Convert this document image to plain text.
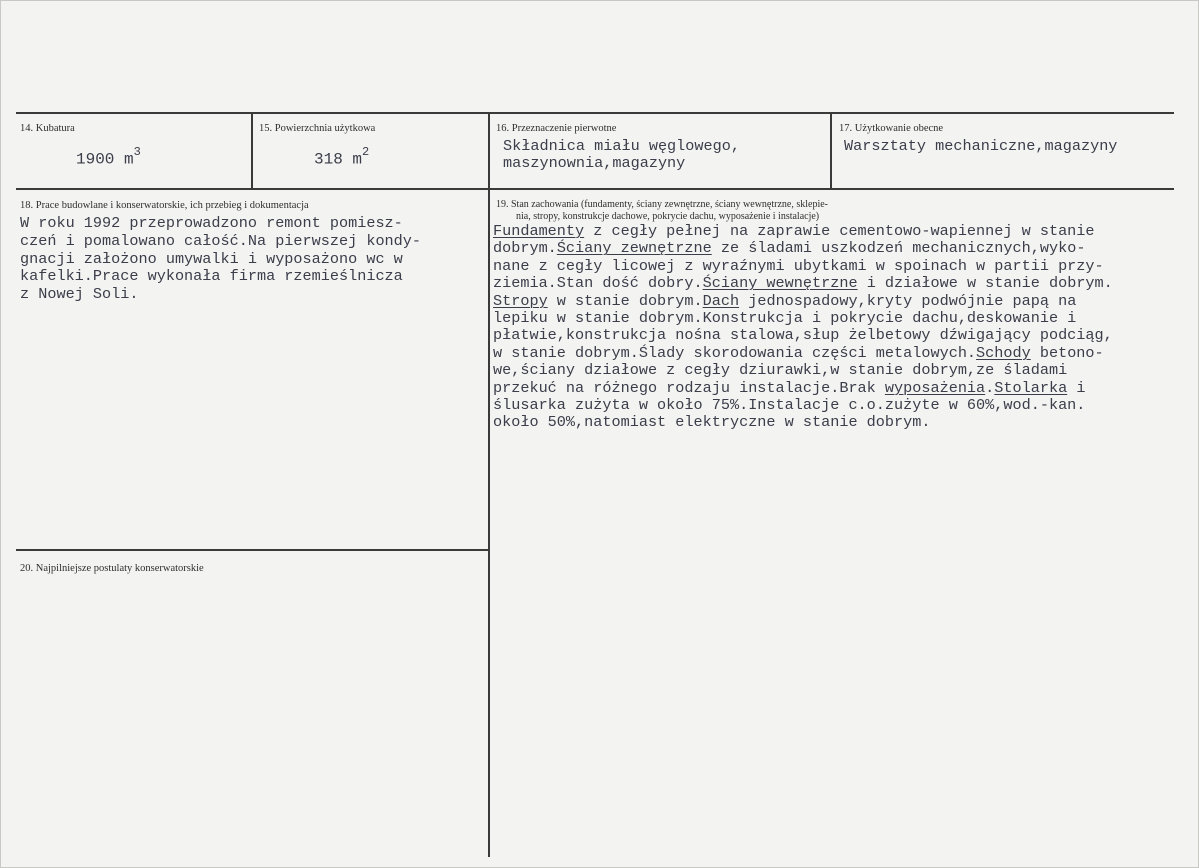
14. Kubatura
1900 $m^3$
15. Powierzchnia użytkowa
318 $m^2$
16. Przeznaczenie pierwotne
Składnica miału węglowego,
maszynownia,magazyny
17. Użytkowanie obecne
Warsztaty mechaniczne,magazyny
18. Prace budowlane i konserwatorskie, ich przebieg i dokumentacja
W roku 1992 przeprowadzono remont pomiesz-
czeń i pomalowano całość.Na pierwszej kondy-
gnacji założono umywalki i wyposażono wc w
kafelki.Prace wykonała firma rzemieślnicza
z Nowej Soli.
19. Stan zachowania (fundamenty, ściany zewnętrzne, ściany wewnętrzne, sklepie-
nia, stropy, konstrukcje dachowe, pokrycie dachu, wyposażenie i instalacje)
Fundamenty z cegły pełnej na zaprawie cementowo-wapiennej w stanie
dobrym.Ściany zewnętrzne ze śladami uszkodzeń mechanicznych,wyko-
nane z cegły licowej z wyraźnymi ubytkami w spoinach w partii przy-
ziemia.Stan dość dobry.Ściany wewnętrzne i działowe w stanie dobrym.
Stropy w stanie dobrym.Dach jednospadowy,kryty podwójnie papą na
lepiku w stanie dobrym.Konstrukcja i pokrycie dachu,deskowanie i
płatwie,konstrukcja nośna stalowa,słup żelbetowy dźwigający podciąg,
w stanie dobrym.Ślady skorodowania części metalowych.Schody betono-
we,ściany działowe z cegły dziurawki,w stanie dobrym,ze śladami
przekuć na różnego rodzaju instalacje.Brak wyposażenia.Stolarka i
ślusarka zużyta w około 75%.Instalacje c.o.zużyte w 60%,wod.-kan.
około 50%,natomiast elektryczne w stanie dobrym.
20. Najpilniejsze postulaty konserwatorskie
